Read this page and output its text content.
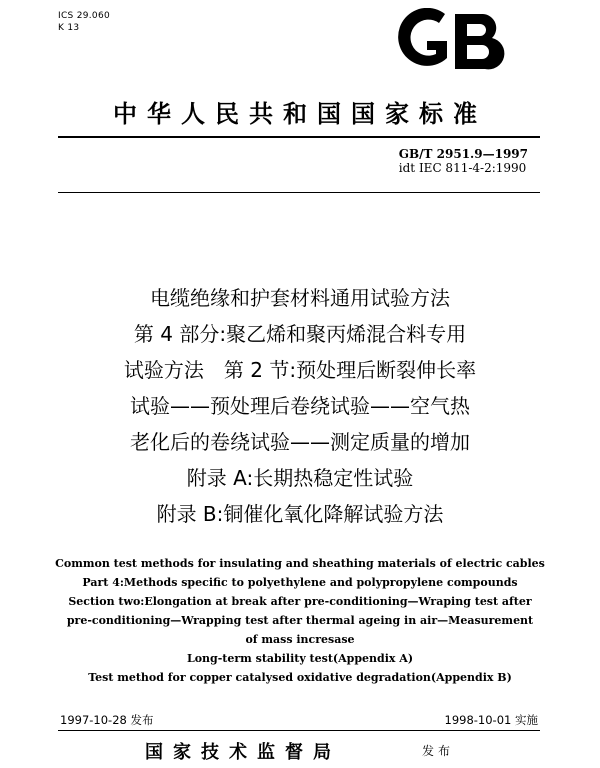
ICS 29.060
K 13
中华人民共和国国家标准
GB/T 2951.9—1997
idt IEC 811-4-2:1990
电缆绝缘和护套材料通用试验方法
第 4 部分:聚乙烯和聚丙烯混合料专用
试验方法　第 2 节:预处理后断裂伸长率
试验——预处理后卷绕试验——空气热
老化后的卷绕试验——测定质量的增加
附录 A:长期热稳定性试验
附录 B:铜催化氧化降解试验方法
Common test methods for insulating and sheathing materials of electric cables
Part 4:Methods specific to polyethylene and polypropylene compounds
Section two:Elongation at break after pre-conditioning—Wraping test after
pre-conditioning—Wrapping test after thermal ageing in air—Measurement
of mass incresase
Long-term stability test(Appendix A)
Test method for copper catalysed oxidative degradation(Appendix B)
1997-10-28 发布	1998-10-01 实施
国家技术监督局	发布
